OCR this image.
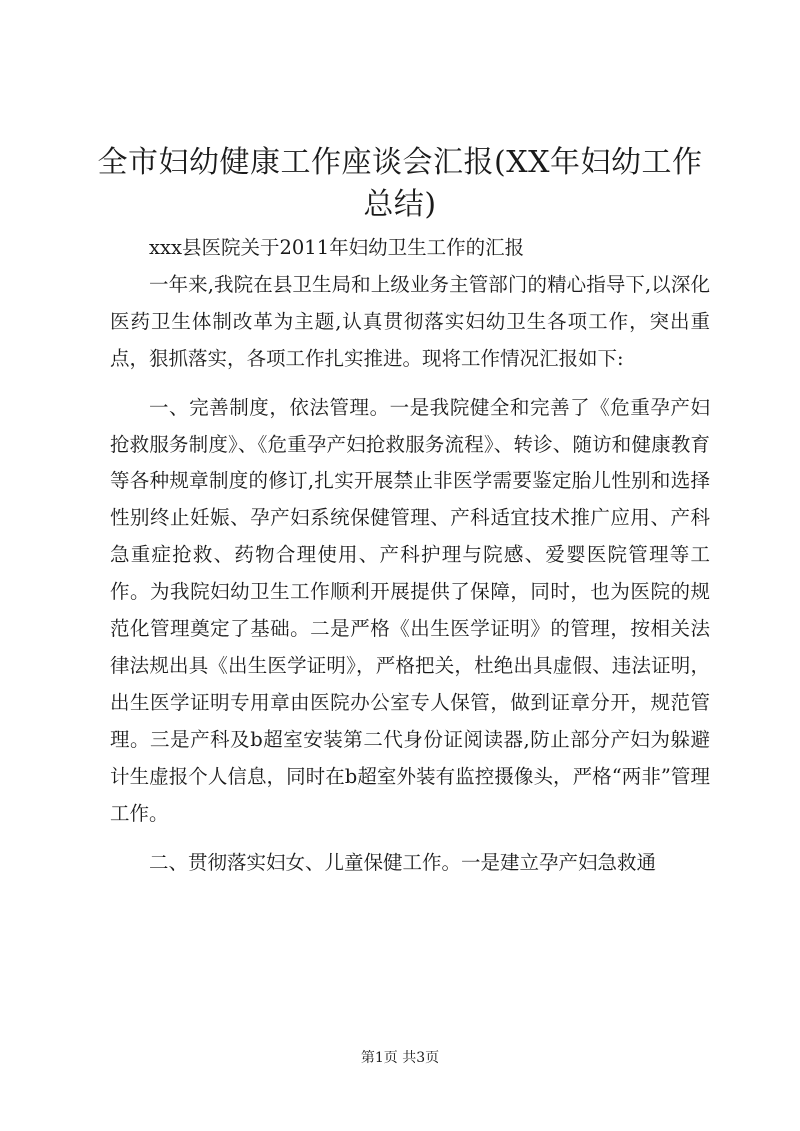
全市妇幼健康工作座谈会汇报(XX年妇幼工作总结)

xxx县医院关于2011年妇幼卫生工作的汇报

一年来,我院在县卫生局和上级业务主管部门的精心指导下,以深化医药卫生体制改革为主题,认真贯彻落实妇幼卫生各项工作，突出重点，狠抓落实，各项工作扎实推进。现将工作情况汇报如下:

一、完善制度，依法管理。一是我院健全和完善了《危重孕产妇抢救服务制度》、《危重孕产妇抢救服务流程》、转诊、随访和健康教育等各种规章制度的修订,扎实开展禁止非医学需要鉴定胎儿性别和选择性别终止妊娠、孕产妇系统保健管理、产科适宜技术推广应用、产科急重症抢救、药物合理使用、产科护理与院感、爱婴医院管理等工作。为我院妇幼卫生工作顺利开展提供了保障，同时，也为医院的规范化管理奠定了基础。二是严格《出生医学证明》的管理，按相关法律法规出具《出生医学证明》，严格把关，杜绝出具虚假、违法证明，出生医学证明专用章由医院办公室专人保管，做到证章分开，规范管理。三是产科及b超室安装第二代身份证阅读器,防止部分产妇为躲避计生虚报个人信息，同时在b超室外装有监控摄像头，严格“两非”管理工作。

二、贯彻落实妇女、儿童保健工作。一是建立孕产妇急救通

第1页 共3页
